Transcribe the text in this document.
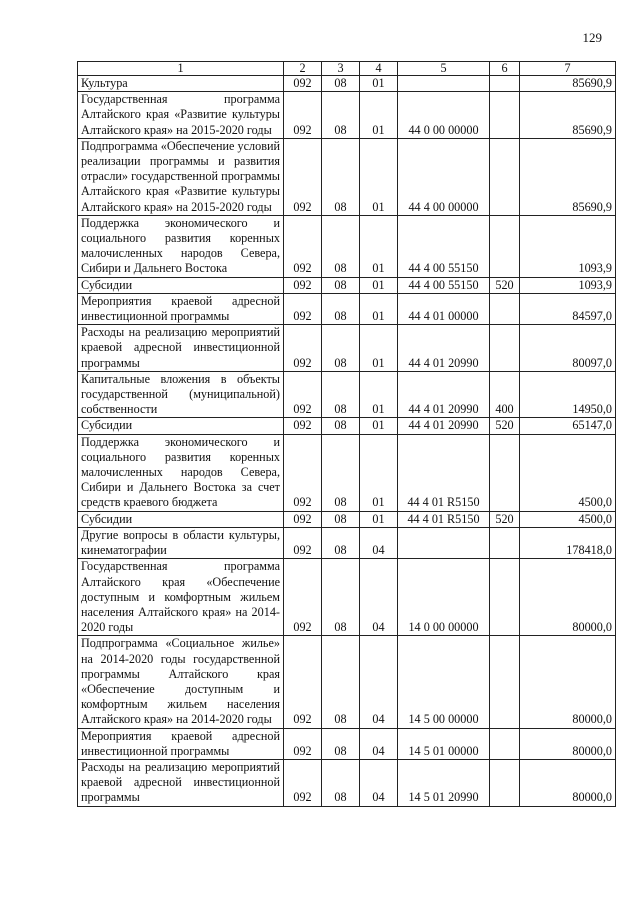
129
1	2	3	4	5	6	7
Культура	092	08	01			85690,9
Государственная программа Алтайского края «Развитие культуры Алтайского края» на 2015-2020 годы	092	08	01	44 0 00 00000		85690,9
Подпрограмма «Обеспечение условий реализации программы и развития отрасли» государственной программы Алтайского края «Развитие культуры Алтайского края» на 2015-2020 годы	092	08	01	44 4 00 00000		85690,9
Поддержка экономического и социального развития коренных малочисленных народов Севера, Сибири и Дальнего Востока	092	08	01	44 4 00 55150		1093,9
Субсидии	092	08	01	44 4 00 55150	520	1093,9
Мероприятия краевой адресной инвестиционной программы	092	08	01	44 4 01 00000		84597,0
Расходы на реализацию мероприятий краевой адресной инвестиционной программы	092	08	01	44 4 01 20990		80097,0
Капитальные вложения в объекты государственной (муниципальной) собственности	092	08	01	44 4 01 20990	400	14950,0
Субсидии	092	08	01	44 4 01 20990	520	65147,0
Поддержка экономического и социального развития коренных малочисленных народов Севера, Сибири и Дальнего Востока за счет средств краевого бюджета	092	08	01	44 4 01 R5150		4500,0
Субсидии	092	08	01	44 4 01 R5150	520	4500,0
Другие вопросы в области культуры, кинематографии	092	08	04			178418,0
Государственная программа Алтайского края «Обеспечение доступным и комфортным жильем населения Алтайского края» на 2014-2020 годы	092	08	04	14 0 00 00000		80000,0
Подпрограмма «Социальное жилье» на 2014-2020 годы государственной программы Алтайского края «Обеспечение доступным и комфортным жильем населения Алтайского края» на 2014-2020 годы	092	08	04	14 5 00 00000		80000,0
Мероприятия краевой адресной инвестиционной программы	092	08	04	14 5 01 00000		80000,0
Расходы на реализацию мероприятий краевой адресной инвестиционной программы	092	08	04	14 5 01 20990		80000,0
